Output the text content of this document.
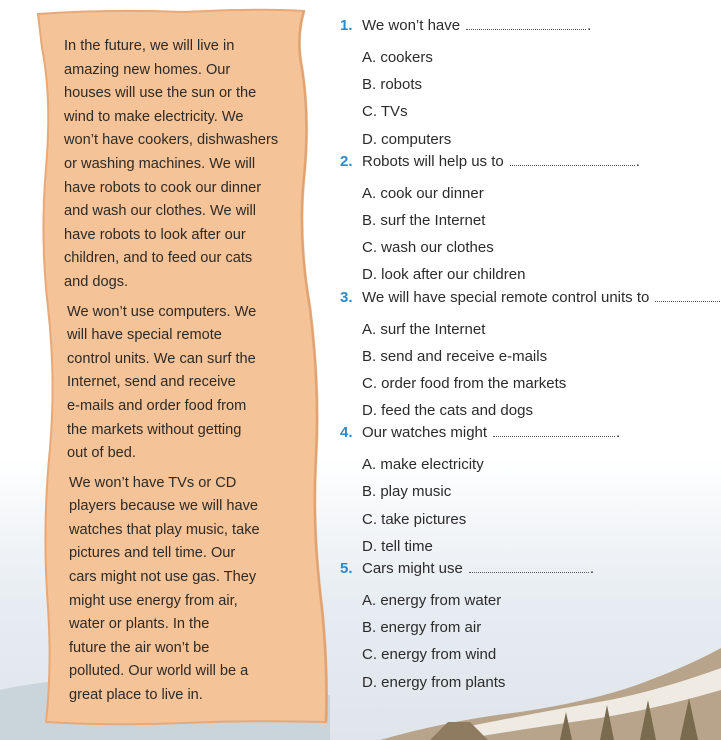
In the future, we will live in
amazing new homes. Our
houses will use the sun or the
wind to make electricity. We
won’t have cookers, dishwashers
or washing machines. We will
have robots to cook our dinner
and wash our clothes. We will
have robots to look after our
children, and to feed our cats
and dogs.

We won’t use computers. We
will have special remote
control units. We can surf the
Internet, send and receive
e-mails and order food from
the markets without getting
out of bed.

We won’t have TVs or CD
players because we will have
watches that play music, take
pictures and tell time. Our
cars might not use gas. They
might use energy from air,
water or plants. In the
future the air won’t be
polluted. Our world will be a
great place to live in.

1. We won’t have	.
A. cookers
B. robots
C. TVs
D. computers
2. Robots will help us to	.
A. cook our dinner
B. surf the Internet
C. wash our clothes
D. look after our children
3. We will have special remote control units to
A. surf the Internet
B. send and receive e-mails
C. order food from the markets
D. feed the cats and dogs
4. Our watches might	.
A. make electricity
B. play music
C. take pictures
D. tell time
5. Cars might use	.
A. energy from water
B. energy from air
C. energy from wind
D. energy from plants
